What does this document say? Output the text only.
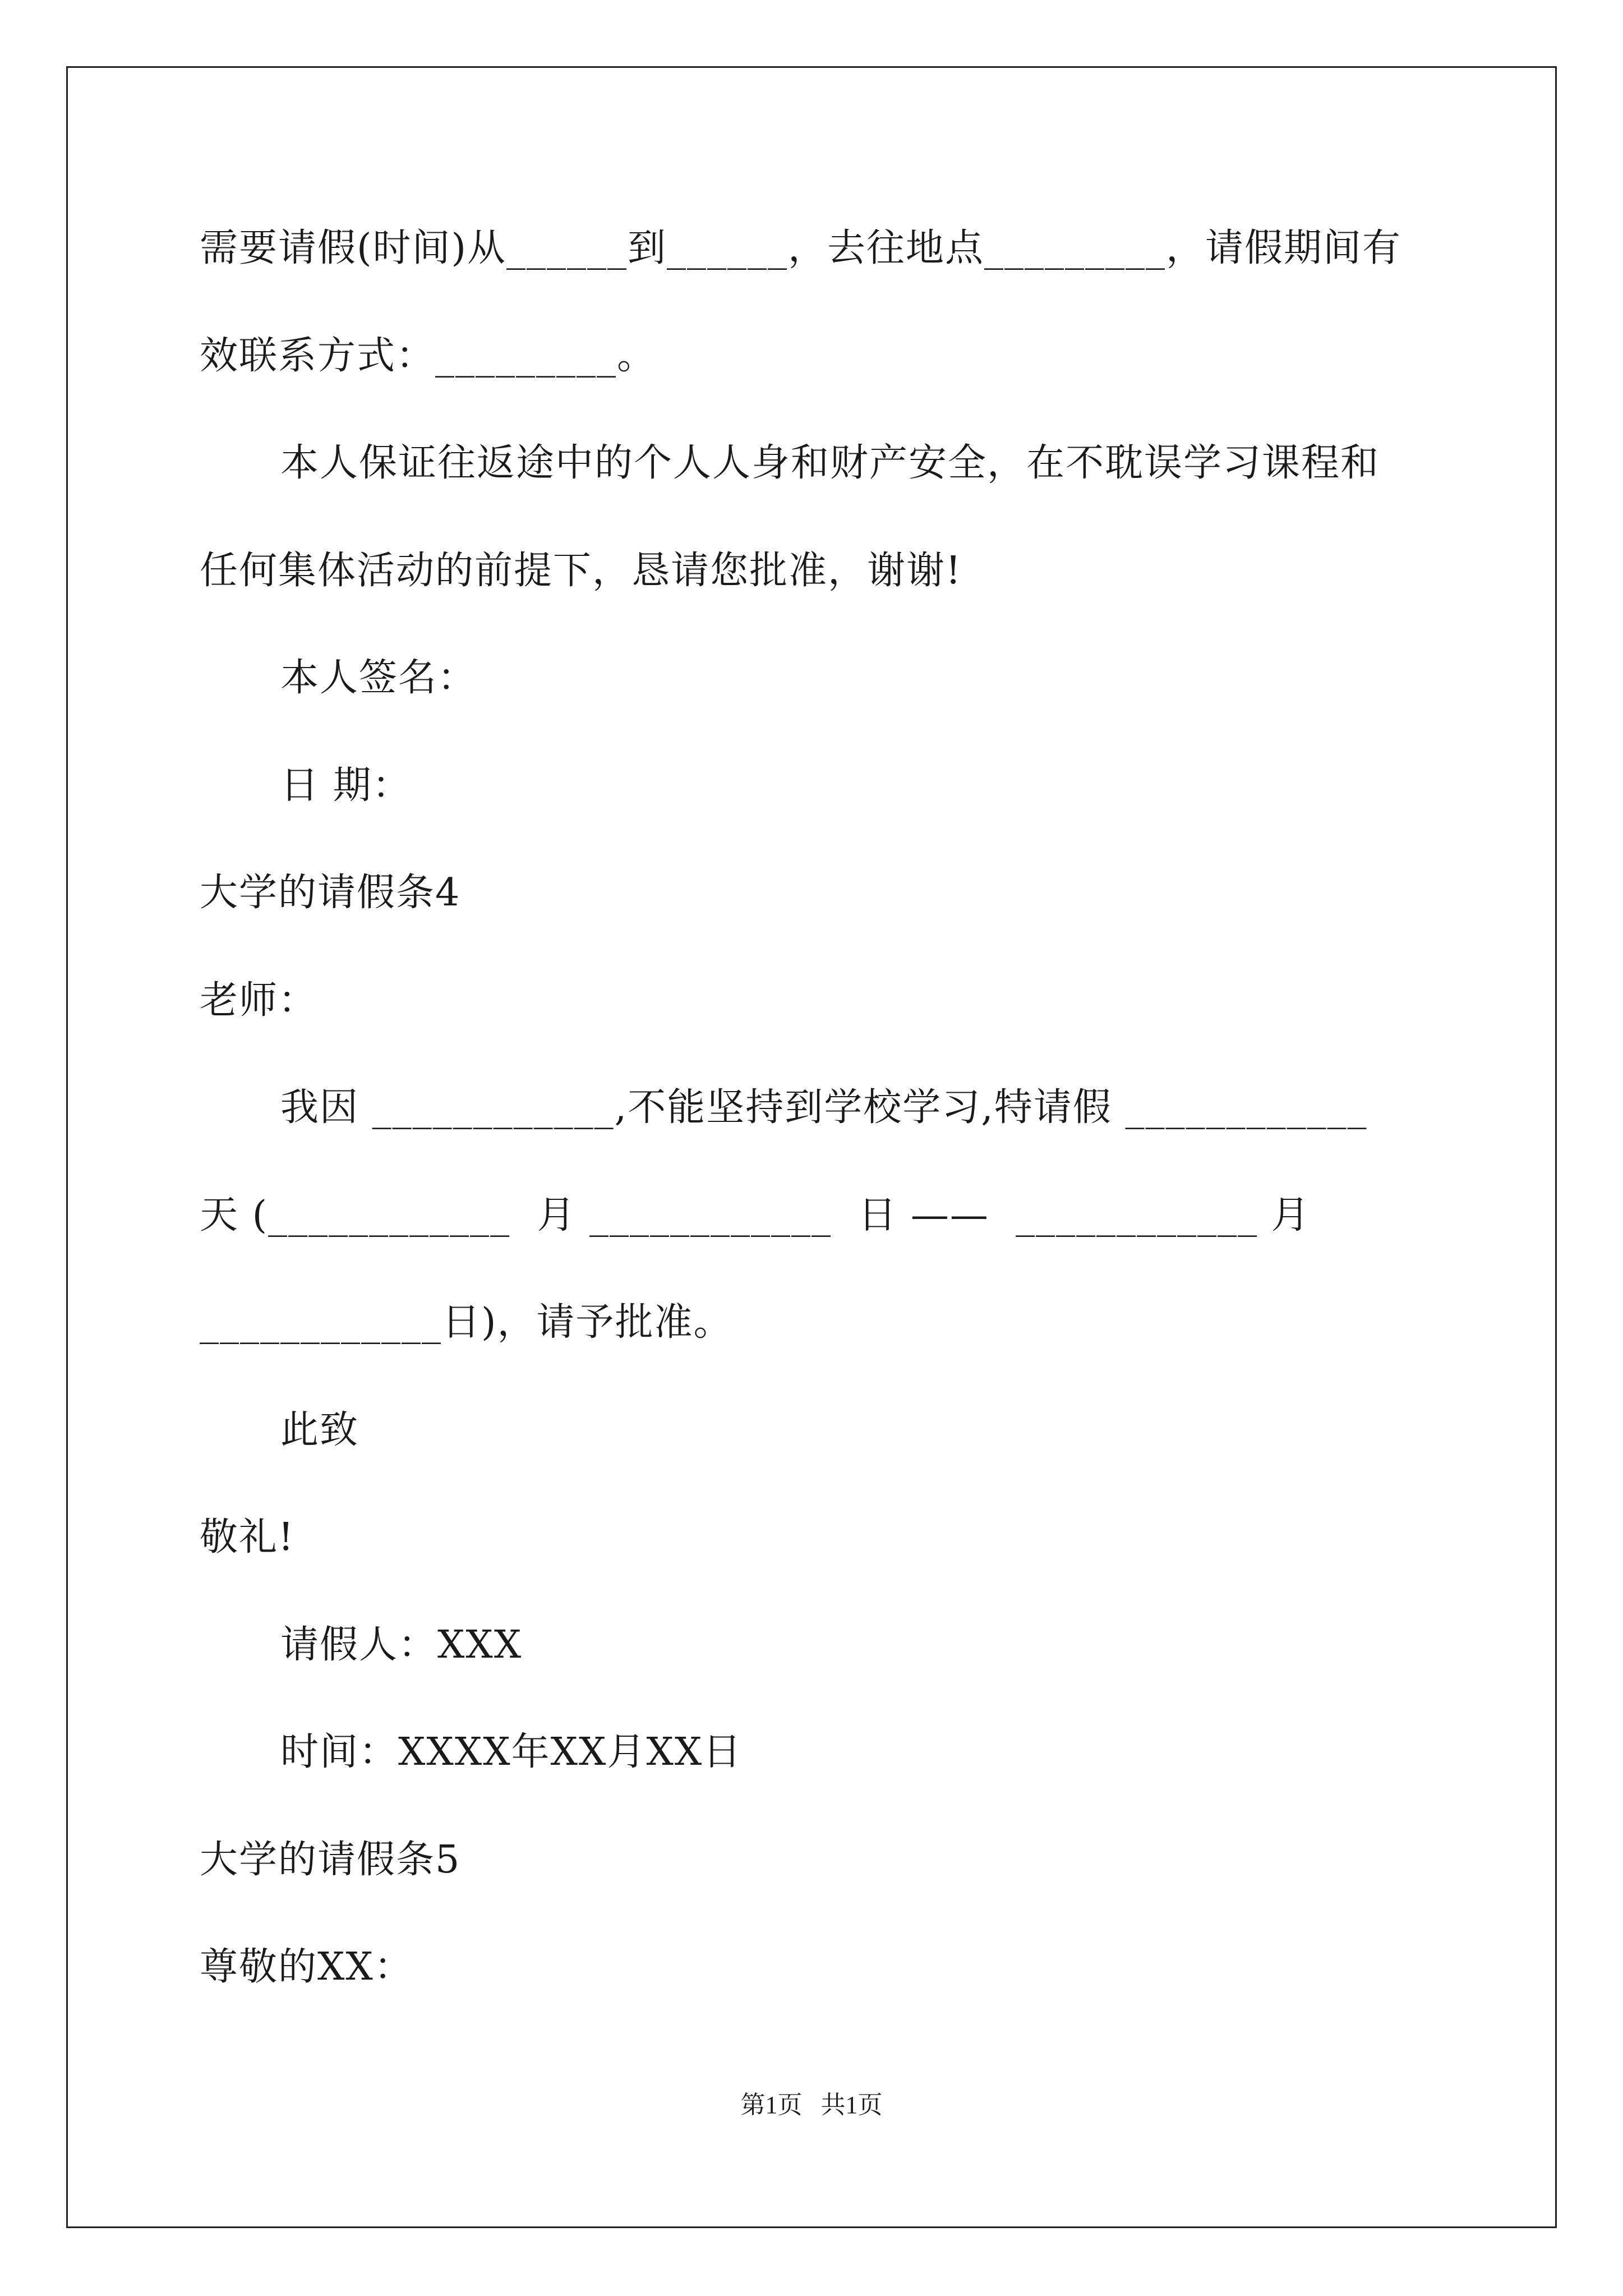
需要请假(时间)从______到______，去往地点_________，请假期间有
效联系方式：_________。
本人保证往返途中的个人人身和财产安全，在不耽误学习课程和
任何集体活动的前提下，恳请您批准，谢谢!
本人签名：
日 期：
大学的请假条4
老师：
我因 ____________,不能坚持到学校学习,特请假 ____________
天 (____________  月 ____________  日 ——  ____________ 月
____________日)，请予批准。
此致
敬礼!
请假人：XXX
时间：XXXX年XX月XX日
大学的请假条5
尊敬的XX：
第1页   共1页
